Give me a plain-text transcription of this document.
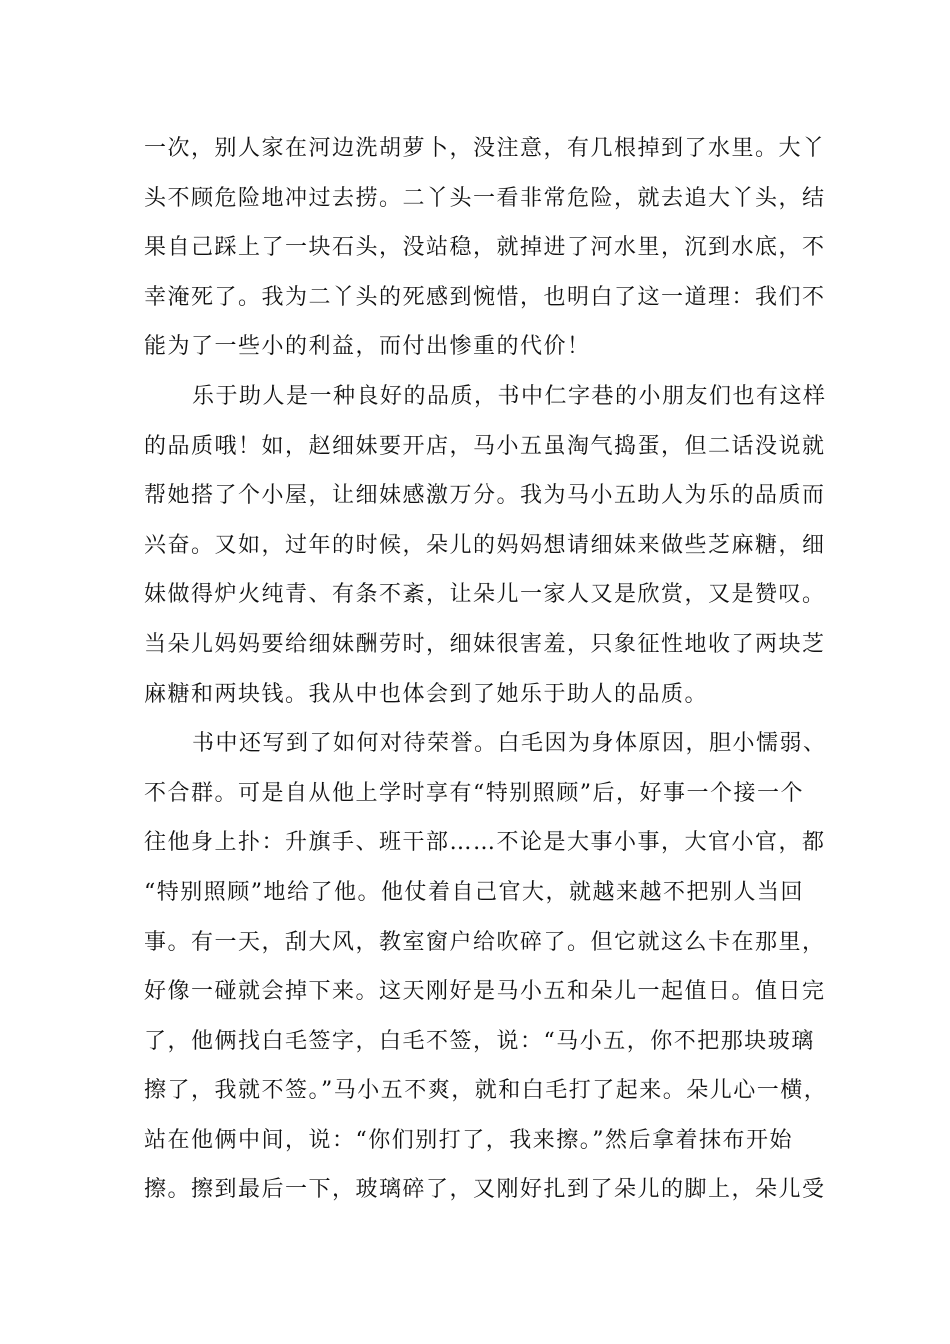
一次，别人家在河边洗胡萝卜，没注意，有几根掉到了水里。大丫
头不顾危险地冲过去捞。二丫头一看非常危险，就去追大丫头，结
果自己踩上了一块石头，没站稳，就掉进了河水里，沉到水底，不
幸淹死了。我为二丫头的死感到惋惜，也明白了这一道理：我们不
能为了一些小的利益，而付出惨重的代价！
乐于助人是一种良好的品质，书中仁字巷的小朋友们也有这样
的品质哦！如，赵细妹要开店，马小五虽淘气捣蛋，但二话没说就
帮她搭了个小屋，让细妹感激万分。我为马小五助人为乐的品质而
兴奋。又如，过年的时候，朵儿的妈妈想请细妹来做些芝麻糖，细
妹做得炉火纯青、有条不紊，让朵儿一家人又是欣赏，又是赞叹。
当朵儿妈妈要给细妹酬劳时，细妹很害羞，只象征性地收了两块芝
麻糖和两块钱。我从中也体会到了她乐于助人的品质。
书中还写到了如何对待荣誉。白毛因为身体原因，胆小懦弱、
不合群。可是自从他上学时享有“特别照顾”后，好事一个接一个
往他身上扑：升旗手、班干部……不论是大事小事，大官小官，都
“特别照顾”地给了他。他仗着自己官大，就越来越不把别人当回
事。有一天，刮大风，教室窗户给吹碎了。但它就这么卡在那里，
好像一碰就会掉下来。这天刚好是马小五和朵儿一起值日。值日完
了，他俩找白毛签字，白毛不签，说：“马小五，你不把那块玻璃
擦了，我就不签。”马小五不爽，就和白毛打了起来。朵儿心一横，
站在他俩中间，说：“你们别打了，我来擦。”然后拿着抹布开始
擦。擦到最后一下，玻璃碎了，又刚好扎到了朵儿的脚上，朵儿受
